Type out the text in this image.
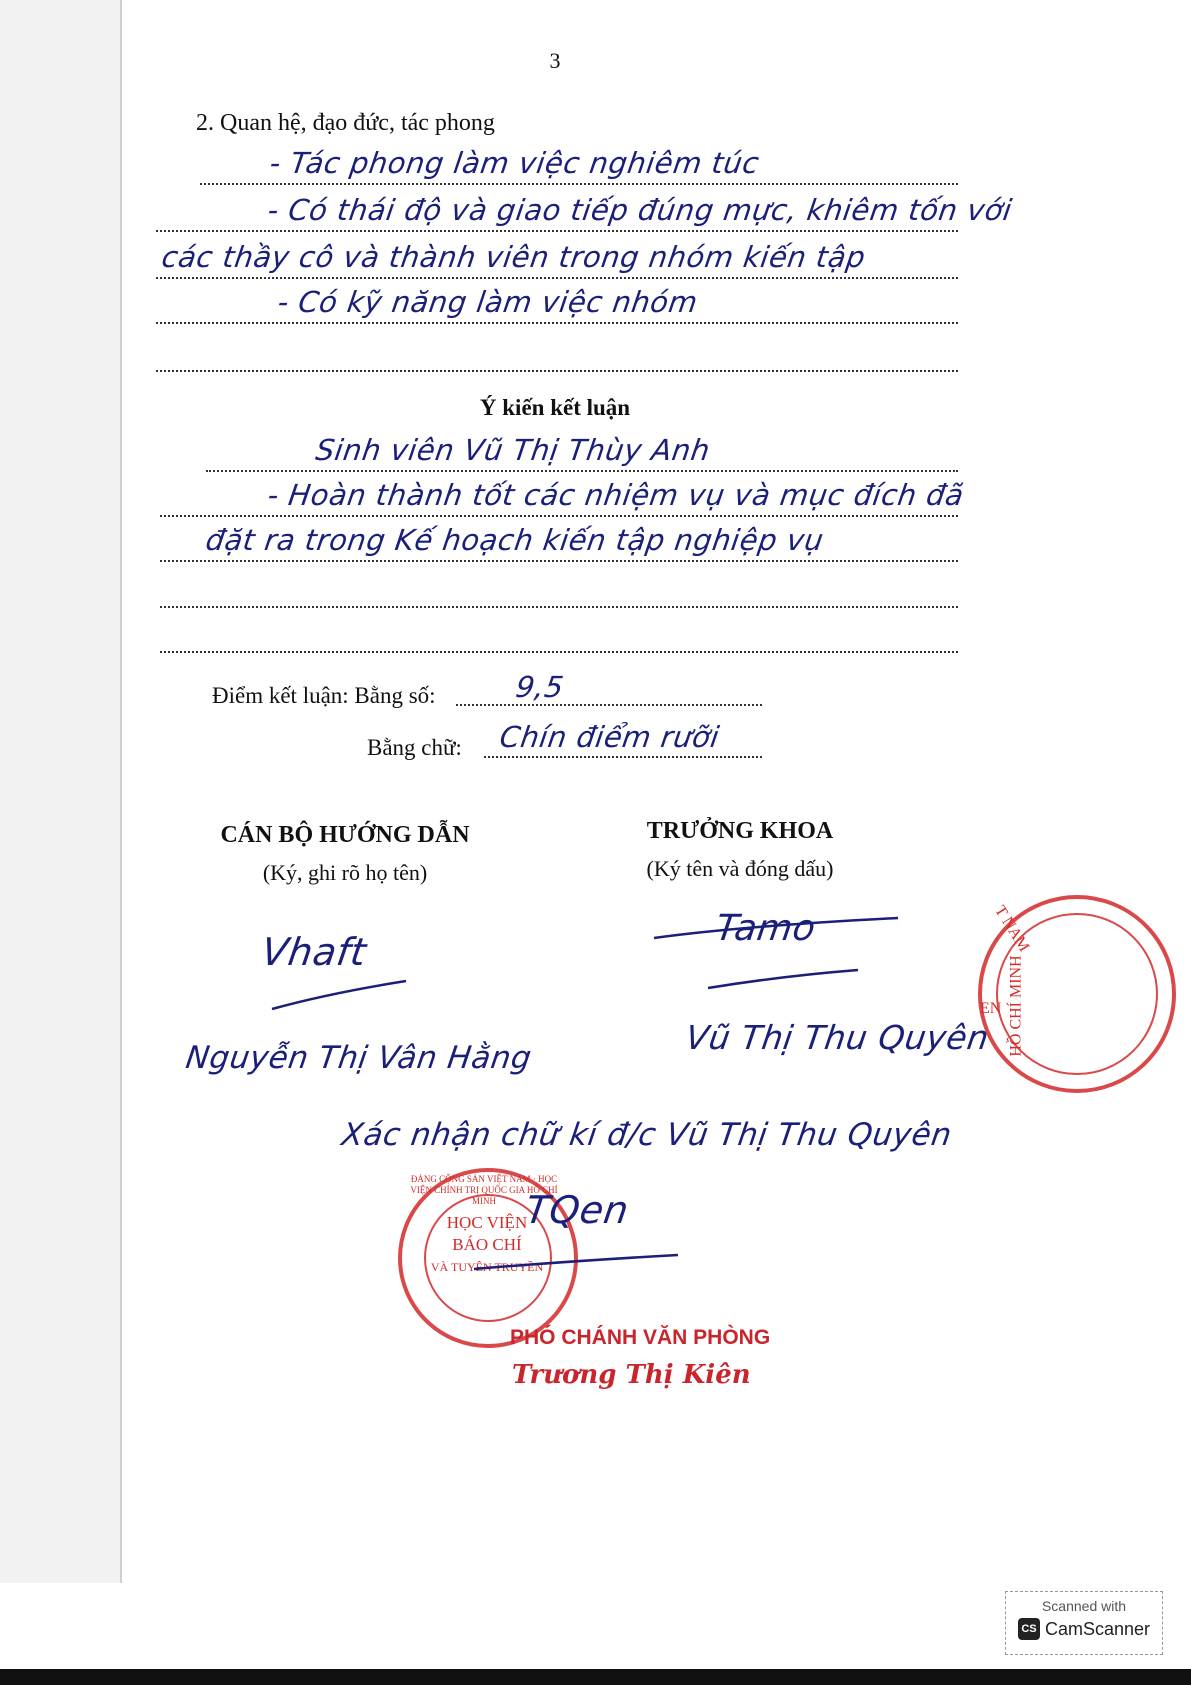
3
2. Quan hệ, đạo đức, tác phong
- Tác phong làm việc nghiêm túc
- Có thái độ và giao tiếp đúng mực, khiêm tốn với
các thầy cô và thành viên trong nhóm kiến tập
- Có kỹ năng làm việc nhóm
Ý kiến kết luận
Sinh viên Vũ Thị Thùy Anh
- Hoàn thành tốt các nhiệm vụ và mục đích đã
đặt ra trong Kế hoạch kiến tập nghiệp vụ
Điểm kết luận: Bằng số:	9,5
Bằng chữ: Chín điểm rưỡi
CÁN BỘ HƯỚNG DẪN
(Ký, ghi rõ họ tên)
Vhaft
Nguyễn Thị Vân Hằng
TRƯỞNG KHOA
(Ký tên và đóng dấu)
Tamo
Vũ Thị Thu Quyên
T NAM
HỒ CHÍ MINH
EN
Xác nhận chữ kí đ/c Vũ Thị Thu Quyên
HỌC VIỆN
BÁO CHÍ
VÀ TUYÊN TRUYỀN
ĐẢNG CỘNG SẢN VIỆT NAM · HỌC VIỆN CHÍNH TRỊ QUỐC GIA HỒ CHÍ MINH TQen
PHÓ CHÁNH VĂN PHÒNG
Trương Thị Kiên
Scanned with
CS CamScanner
